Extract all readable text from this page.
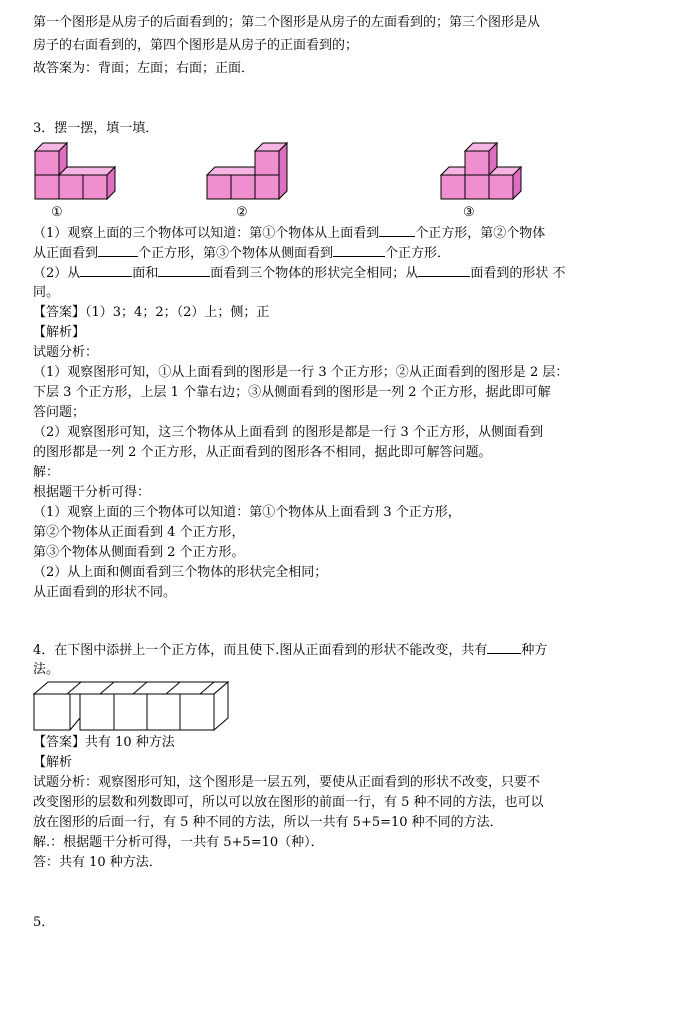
第一个图形是从房子的后面看到的；第二个图形是从房子的左面看到的；第三个图形是从
房子的右面看到的，第四个图形是从房子的正面看到的；
故答案为：背面；左面；右面；正面．
3．摆一摆，填一填．
①	②	③
（1）观察上面的三个物体可以知道：第①个物体从上面看到	个正方形，第②个物体
从正面看到	个正方形，第③个物体从侧面看到	个正方形．
（2）从	面和	面看到三个物体的形状完全相同；从	面看到的形状 不
同。
【答案】（1）3；4；2；（2）上；侧；正
【解析】
试题分析：
（1）观察图形可知，①从上面看到的图形是一行 3 个正方形；②从正面看到的图形是 2 层：
下层 3 个正方形，上层 1 个靠右边；③从侧面看到的图形是一列 2 个正方形，据此即可解
答问题；
（2）观察图形可知，这三个物体从上面看到 的图形是都是一行 3 个正方形，从侧面看到
的图形都是一列 2 个正方形，从正面看到的图形各不相同，据此即可解答问题。
解：
根据题干分析可得：
（1）观察上面的三个物体可以知道：第①个物体从上面看到 3 个正方形，
第②个物体从正面看到 4 个正方形，
第③个物体从侧面看到 2 个正方形。
（2）从上面和侧面看到三个物体的形状完全相同；
从正面看到的形状不同。
4．在下图中添拼上一个正方体，而且使下.图从正面看到的形状不能改变，共有	种方
法。
【答案】共有 10 种方法
【解析
试题分析：观察图形可知，这个图形是一层五列，要使从正面看到的形状不改变，只要不
改变图形的层数和列数即可，所以可以放在图形的前面一行，有 5 种不同的方法，也可以
放在图形的后面一行，有 5 种不同的方法，所以一共有 5+5=10 种不同的方法．
解.：根据题干分析可得，一共有 5+5=10（种）．
答：共有 10 种方法．
5．
